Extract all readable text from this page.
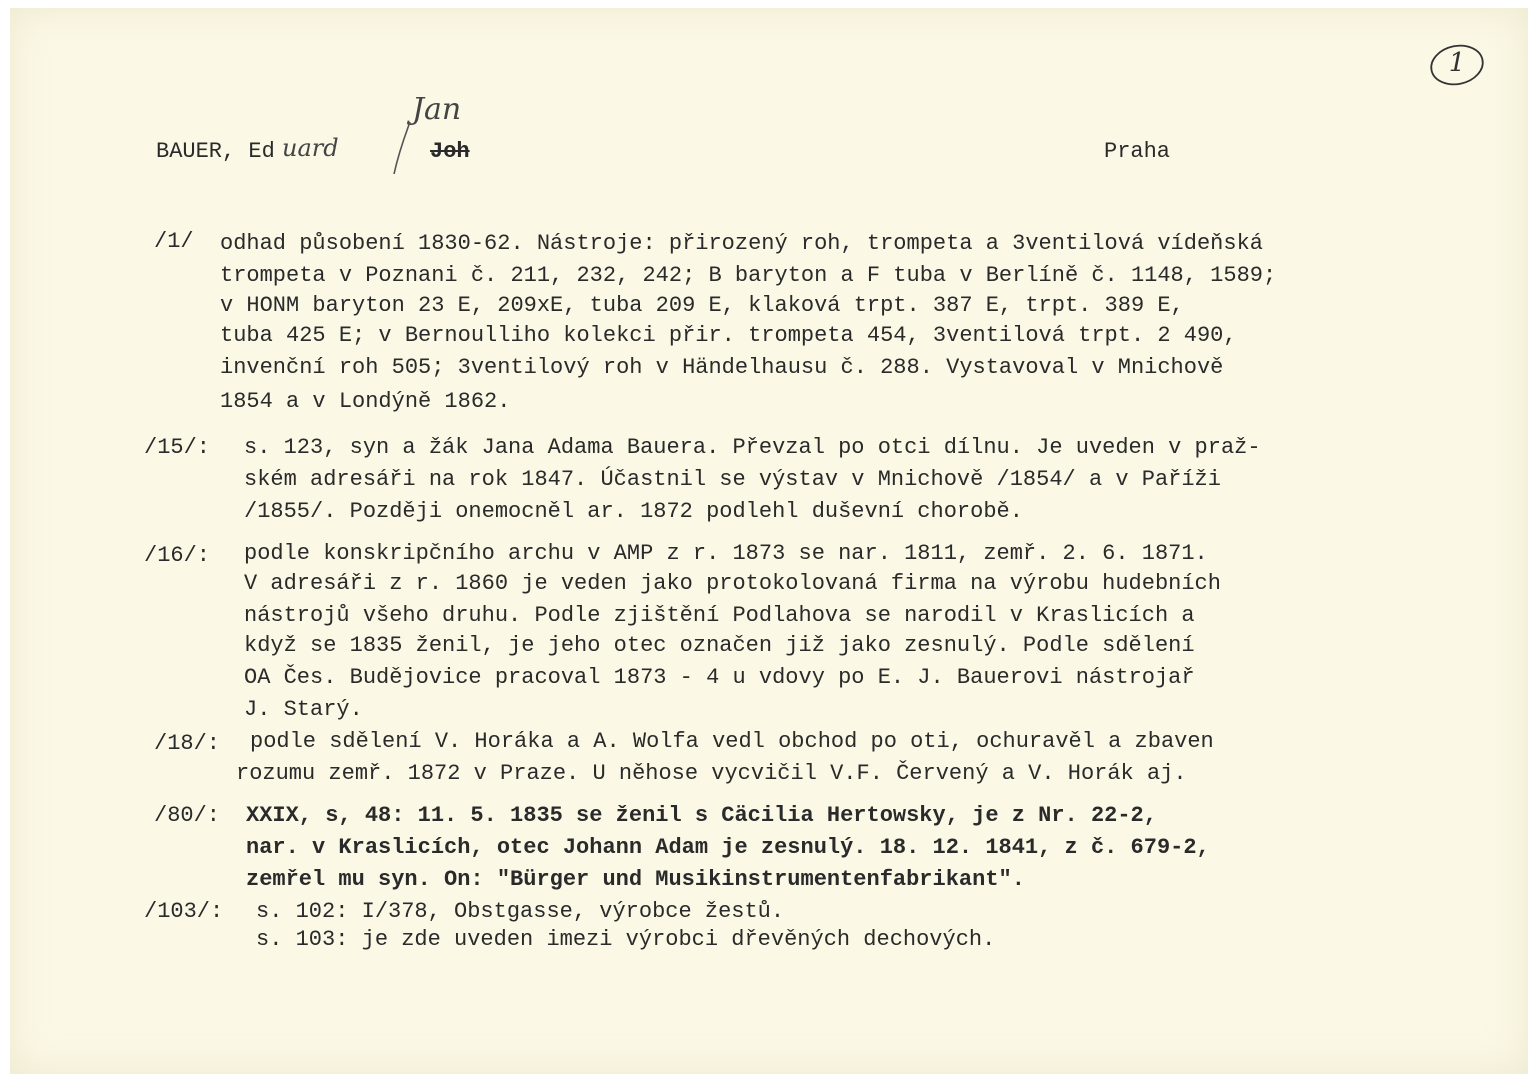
1
BAUER, Ed uard
Jan
Joh	Praha
/1/ odhad působení 1830-62. Nástroje: přirozený roh, trompeta a 3ventilová vídeňská
trompeta v Poznani č. 211, 232, 242; B baryton a F tuba v Berlíně č. 1148, 1589;
v HONM baryton 23 E, 209xE, tuba 209 E, klaková trpt. 387 E, trpt. 389 E,
tuba 425 E; v Bernoulliho kolekci přir. trompeta 454, 3ventilová trpt. 2 490,
invenční roh 505; 3ventilový roh v Händelhausu č. 288. Vystavoval v Mnichově
1854 a v Londýně 1862.
/15/: s. 123, syn a žák Jana Adama Bauera. Převzal po otci dílnu. Je uveden v praž-
ském adresáři na rok 1847. Účastnil se výstav v Mnichově /1854/ a v Paříži
/1855/. Později onemocněl ar. 1872 podlehl duševní chorobě.
/16/: podle konskripčního archu v AMP z r. 1873 se nar. 1811, zemř. 2. 6. 1871.
V adresáři z r. 1860 je veden jako protokolovaná firma na výrobu hudebních
nástrojů všeho druhu. Podle zjištění Podlahova se narodil v Kraslicích a
když se 1835 ženil, je jeho otec označen již jako zesnulý. Podle sdělení
OA Čes. Budějovice pracoval 1873 - 4 u vdovy po E. J. Bauerovi nástrojař
J. Starý.
/18/: podle sdělení V. Horáka a A. Wolfa vedl obchod po oti, ochuravěl a zbaven
rozumu zemř. 1872 v Praze. U něhose vycvičil V.F. Červený a V. Horák aj.
/80/: XXIX, s, 48: 11. 5. 1835 se ženil s Cäcilia Hertowsky, je z Nr. 22-2,
nar. v Kraslicích, otec Johann Adam je zesnulý. 18. 12. 1841, z č. 679-2,
zemřel mu syn. On: "Bürger und Musikinstrumentenfabrikant".
/103/: s. 102: I/378, Obstgasse, výrobce žestů.
s. 103: je zde uveden imezi výrobci dřevěných dechových.
